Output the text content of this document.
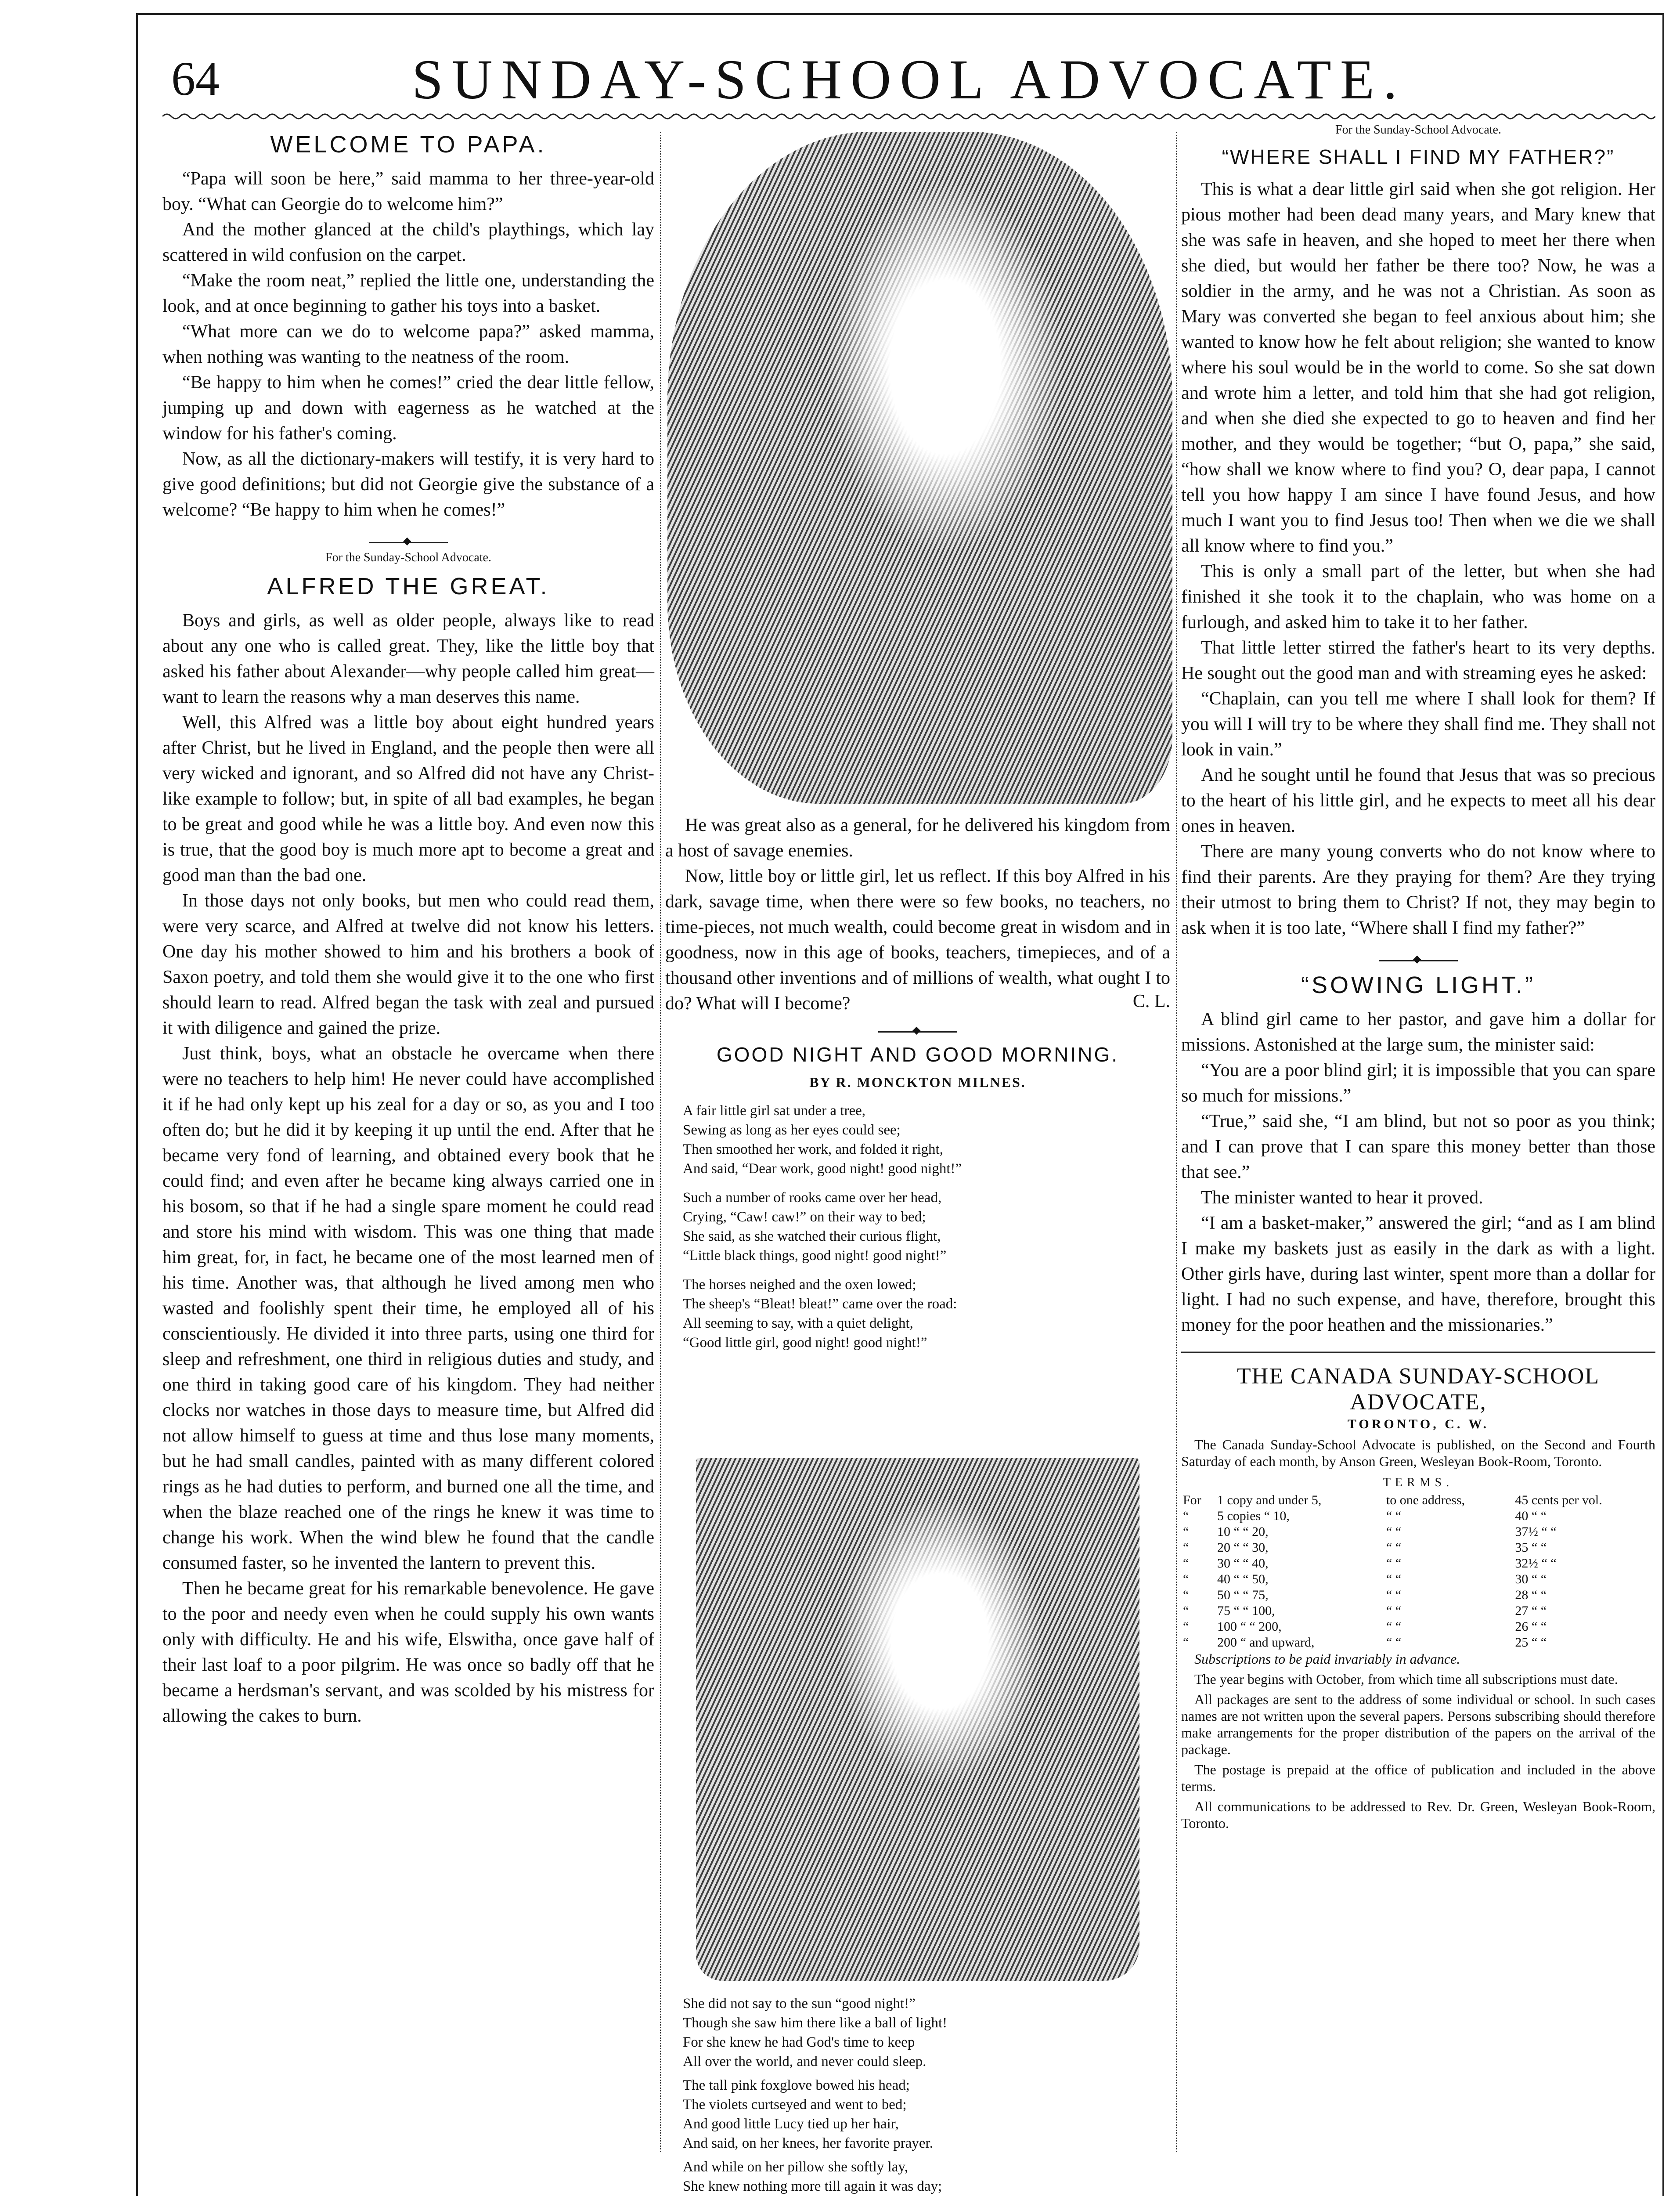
64	SUNDAY-SCHOOL ADVOCATE.
WELCOME TO PAPA.

“Papa will soon be here,” said mamma to her three-year-old boy. “What can Georgie do to welcome him?”

And the mother glanced at the child's playthings, which lay scattered in wild confusion on the carpet.

“Make the room neat,” replied the little one, understanding the look, and at once beginning to gather his toys into a basket.

“What more can we do to welcome papa?” asked mamma, when nothing was wanting to the neatness of the room.

“Be happy to him when he comes!” cried the dear little fellow, jumping up and down with eagerness as he watched at the window for his father's coming.

Now, as all the dictionary-makers will testify, it is very hard to give good definitions; but did not Georgie give the substance of a welcome? “Be happy to him when he comes!”

◆
For the Sunday-School Advocate.
ALFRED THE GREAT.

Boys and girls, as well as older people, always like to read about any one who is called great. They, like the little boy that asked his father about Alexander—why people called him great—want to learn the reasons why a man deserves this name.

Well, this Alfred was a little boy about eight hundred years after Christ, but he lived in England, and the people then were all very wicked and ignorant, and so Alfred did not have any Christ-like example to follow; but, in spite of all bad examples, he began to be great and good while he was a little boy. And even now this is true, that the good boy is much more apt to become a great and good man than the bad one.

In those days not only books, but men who could read them, were very scarce, and Alfred at twelve did not know his letters. One day his mother showed to him and his brothers a book of Saxon poetry, and told them she would give it to the one who first should learn to read. Alfred began the task with zeal and pursued it with diligence and gained the prize.

Just think, boys, what an obstacle he overcame when there were no teachers to help him! He never could have accomplished it if he had only kept up his zeal for a day or so, as you and I too often do; but he did it by keeping it up until the end. After that he became very fond of learning, and obtained every book that he could find; and even after he became king always carried one in his bosom, so that if he had a single spare moment he could read and store his mind with wisdom. This was one thing that made him great, for, in fact, he became one of the most learned men of his time. Another was, that although he lived among men who wasted and foolishly spent their time, he employed all of his conscientiously. He divided it into three parts, using one third for sleep and refreshment, one third in religious duties and study, and one third in taking good care of his kingdom. They had neither clocks nor watches in those days to measure time, but Alfred did not allow himself to guess at time and thus lose many moments, but he had small candles, painted with as many different colored rings as he had duties to perform, and burned one all the time, and when the blaze reached one of the rings he knew it was time to change his work. When the wind blew he found that the candle consumed faster, so he invented the lantern to prevent this.

Then he became great for his remarkable benevolence. He gave to the poor and needy even when he could supply his own wants only with difficulty. He and his wife, Elswitha, once gave half of their last loaf to a poor pilgrim. He was once so badly off that he became a herdsman's servant, and was scolded by his mistress for allowing the cakes to burn.

He was great also as a general, for he delivered his kingdom from a host of savage enemies.

Now, little boy or little girl, let us reflect. If this boy Alfred in his dark, savage time, when there were so few books, no teachers, no time-pieces, not much wealth, could become great in wisdom and in goodness, now in this age of books, teachers, timepieces, and of a thousand other inventions and of millions of wealth, what ought I to do? What will I become?	C. L.
◆
GOOD NIGHT AND GOOD MORNING.
BY R. MONCKTON MILNES.
A fair little girl sat under a tree,
Sewing as long as her eyes could see;
Then smoothed her work, and folded it right,
And said, “Dear work, good night! good night!”
Such a number of rooks came over her head,
Crying, “Caw! caw!” on their way to bed;
She said, as she watched their curious flight,
“Little black things, good night! good night!”
The horses neighed and the oxen lowed;
The sheep's “Bleat! bleat!” came over the road:
All seeming to say, with a quiet delight,
“Good little girl, good night! good night!”
She did not say to the sun “good night!”
Though she saw him there like a ball of light!
For she knew he had God's time to keep
All over the world, and never could sleep.
The tall pink foxglove bowed his head;
The violets curtseyed and went to bed;
And good little Lucy tied up her hair,
And said, on her knees, her favorite prayer.
And while on her pillow she softly lay,
She knew nothing more till again it was day;
For the Sunday-School Advocate.
“WHERE SHALL I FIND MY FATHER?”

This is what a dear little girl said when she got religion. Her pious mother had been dead many years, and Mary knew that she was safe in heaven, and she hoped to meet her there when she died, but would her father be there too? Now, he was a soldier in the army, and he was not a Christian. As soon as Mary was converted she began to feel anxious about him; she wanted to know how he felt about religion; she wanted to know where his soul would be in the world to come. So she sat down and wrote him a letter, and told him that she had got religion, and when she died she expected to go to heaven and find her mother, and they would be together; “but O, papa,” she said, “how shall we know where to find you? O, dear papa, I cannot tell you how happy I am since I have found Jesus, and how much I want you to find Jesus too! Then when we die we shall all know where to find you.”

This is only a small part of the letter, but when she had finished it she took it to the chaplain, who was home on a furlough, and asked him to take it to her father.

That little letter stirred the father's heart to its very depths. He sought out the good man and with streaming eyes he asked:

“Chaplain, can you tell me where I shall look for them? If you will I will try to be where they shall find me. They shall not look in vain.”

And he sought until he found that Jesus that was so precious to the heart of his little girl, and he expects to meet all his dear ones in heaven.

There are many young converts who do not know where to find their parents. Are they praying for them? Are they trying their utmost to bring them to Christ? If not, they may begin to ask when it is too late, “Where shall I find my father?”

◆
“SOWING LIGHT.”

A blind girl came to her pastor, and gave him a dollar for missions. Astonished at the large sum, the minister said:

“You are a poor blind girl; it is impossible that you can spare so much for missions.”

“True,” said she, “I am blind, but not so poor as you think; and I can prove that I can spare this money better than those that see.”

The minister wanted to hear it proved.

“I am a basket-maker,” answered the girl; “and as I am blind I make my baskets just as easily in the dark as with a light. Other girls have, during last winter, spent more than a dollar for light. I had no such expense, and have, therefore, brought this money for the poor heathen and the missionaries.”

THE CANADA SUNDAY-SCHOOL ADVOCATE,
TORONTO, C. W.

The Canada Sunday-School Advocate is published, on the Second and Fourth Saturday of each month, by Anson Green, Wesleyan Book-Room, Toronto.

TERMS.
For	1 copy and under 5,	to one address,	45 cents per vol.
“	5 copies “ 10,	“ “	40 “ “
“	10 “ “ 20,	“ “	37½ “ “
“	20 “ “ 30,	“ “	35 “ “
“	30 “ “ 40,	“ “	32½ “ “
“	40 “ “ 50,	“ “	30 “ “
“	50 “ “ 75,	“ “	28 “ “
“	75 “ “ 100,	“ “	27 “ “
“	100 “ “ 200,	“ “	26 “ “
“	200 “ and upward,	“ “	25 “ “

Subscriptions to be paid invariably in advance.

The year begins with October, from which time all subscriptions must date.

All packages are sent to the address of some individual or school. In such cases names are not written upon the several papers. Persons subscribing should therefore make arrangements for the proper distribution of the papers on the arrival of the package.

The postage is prepaid at the office of publication and included in the above terms.

All communications to be addressed to Rev. Dr. Green, Wesleyan Book-Room, Toronto.
